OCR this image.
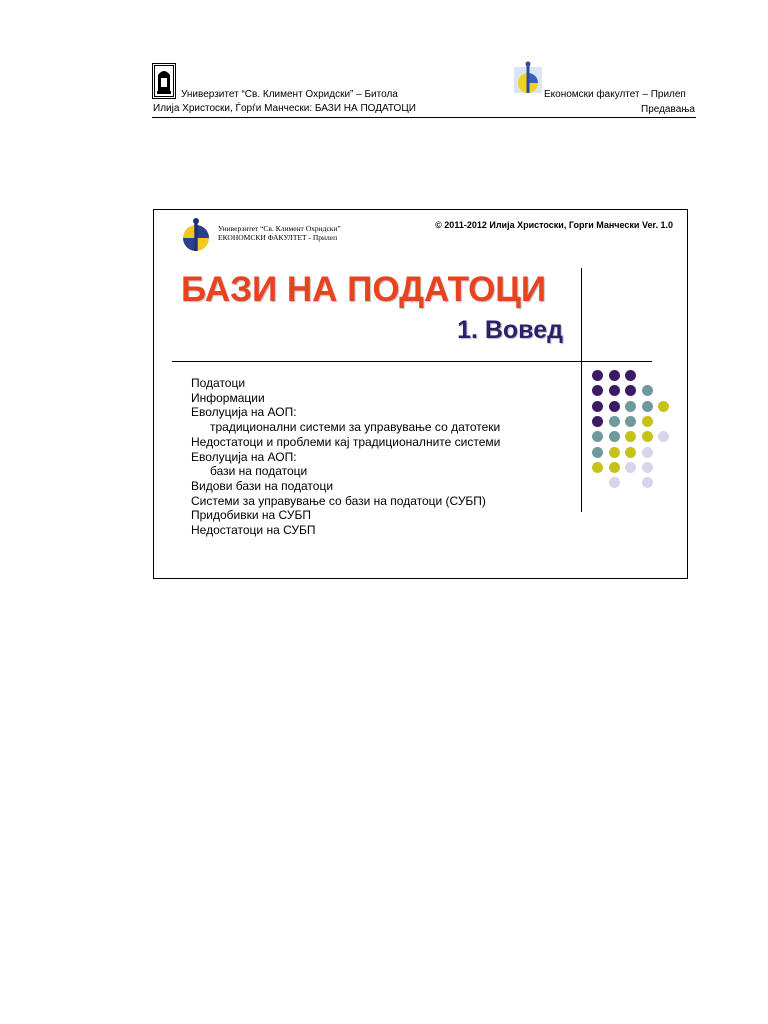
Универзитет “Св. Климент Охридски” – Битола	Економски факултет – Прилеп
Илија Христоски, Ѓорѓи Манчески: БАЗИ НА ПОДАТОЦИ	Предавања
Универзитет “Св. Климент Охридски”
ЕКОНОМСКИ ФАКУЛТЕТ - Прилеп
© 2011-2012 Илија Христоски, Горги Манчески Ver. 1.0
БАЗИ НА ПОДАТОЦИ
1. Вовед
Податоци
Информации
Еволуција на АОП:
традиционални системи за управување со датотеки
Недостатоци и проблеми кај традиционалните системи
Еволуција на АОП:
бази на податоци
Видови бази на податоци
Системи за управување со бази на податоци (СУБП)
Придобивки на СУБП
Недостатоци на СУБП
